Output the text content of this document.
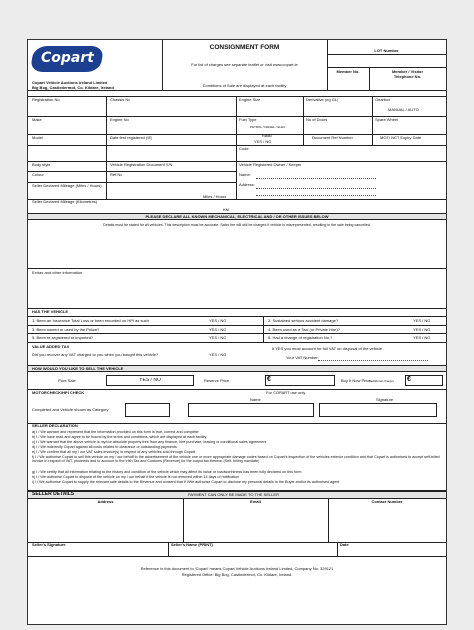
Copart
Copart Vehicle Auctions Ireland Limited
Big Bog, Castledermot, Co. Kildare, Ireland
CONSIGNMENT FORM
For list of charges see separate leaflet or visit www.copart.ie
Conditions of Sale are displayed at each facility
LOT Number
Member No.	Member / Visitor
Telephone No.
Registration No	Chassis No	Engine Size	Derivative (eg GL)	Gearbox
MANUAL / AUTO
Make	Engine No	Fuel Type
PETROL / DIESEL / ELEC
No of Doors	Spare Wheel
Model	Date first registered (IE)	Radio
YES / NO
Document Ref Number	MOT/ NCT Expiry Date
Code
Body style	Vehicle Registration Document Y/N	Vehicle Registered Owner / Keeper
Colour	Ref No	Name:
Address:
Seller Declared Mileage (Miles / Hours)
Seller Declared Mileage (Kilometres)
Miles / Hours
KM
PLEASE DECLARE ALL KNOWN MECHANICAL, ELECTRICAL AND / OR OTHER ISSUES BELOW
Details must be stated for all vehicles. This description must be accurate. Sales fee will still be charged if vehicle is misrepresented, resulting in the sale being cancelled.
Extras and other information
HAS THE VEHICLE
1. Been an Insurance Total Loss or been recorded on HPI as such	YES / NO
3. Been owned or used by the Police?	YES / NO
5. Been re-registered or imported?	YES / NO
2. Sustained serious accident damage?	YES / NO
4. Been used as a Taxi (or Private Hire)?	YES / NO
6. Had a change of registration No.?	YES / NO
VALUE ADDED TAX
Did you recover any VAT charged to you when you bought this vehicle?	YES / NO
If YES you must account for full VAT on disposal of the vehicle
Your VAT Number:
HOW WOULD YOU LIKE TO SELL THE VEHICLE
Pure Sale	YES / NO	Reserve Price	€	Buy It Now Price
(additional charge) €
MOTORCHECK/HPI CHECK	For COPART use only
Name	Signature
Completed and Vehicle shown as Category
SELLER DECLARATION
a) I / We warrant and represent that the information provided on this form is true, correct and complete
b) I / We have read and agree to be bound by the terms and conditions, which are displayed at each facility
c) I / We warrant that the above vehicle is my/our absolute property free from any finance, hire purchase, leasing or conditional sales agreement
d) I / We indemnify Copart against all costs related to clearance or outstanding payments
e) I / We confirm that all my / our VAT sales invoice(s) in respect of any vehicles sold through Copart
f) I / We authorise Copart to sell this vehicle on my / our behalf to the advertisement of the vehicle one or more appropriate damage codes based on Copart's inspection of the vehicles exterior condition and that Copart is authorised to accept self-billed invoice in respect of VAT, proceeds and to account to the Irish Tax and Customs (Revenue) for the output tax thereon (Self- billing mandate)
g) I / We certify that all information relating to the history and condition of the vehicle which may affect its value or roadworthiness has been fully declared on this form
h) I / We authorise Copart to dispose of the vehicle on my / our behalf if the vehicle is not removed within 14 days of notification
i) I / We authorise Copart to supply the relevant sale details to the Revenue and consent that if I/We authorise Copart to disclose my personal details to the Buyer and/or its authorised agent
SELLER DETAILS	PAYMENT CAN ONLY BE MADE TO THE SELLER
Address	Email	Contact Number
Seller's Signature	Seller's Name (PRINT)	Date
Reference in this document to 'Copart' means Copart Vehicle Auctions Ireland Limited, Company No. 329121
Registered Office: Big Bog, Castledermot, Co. Kildare, Ireland.
